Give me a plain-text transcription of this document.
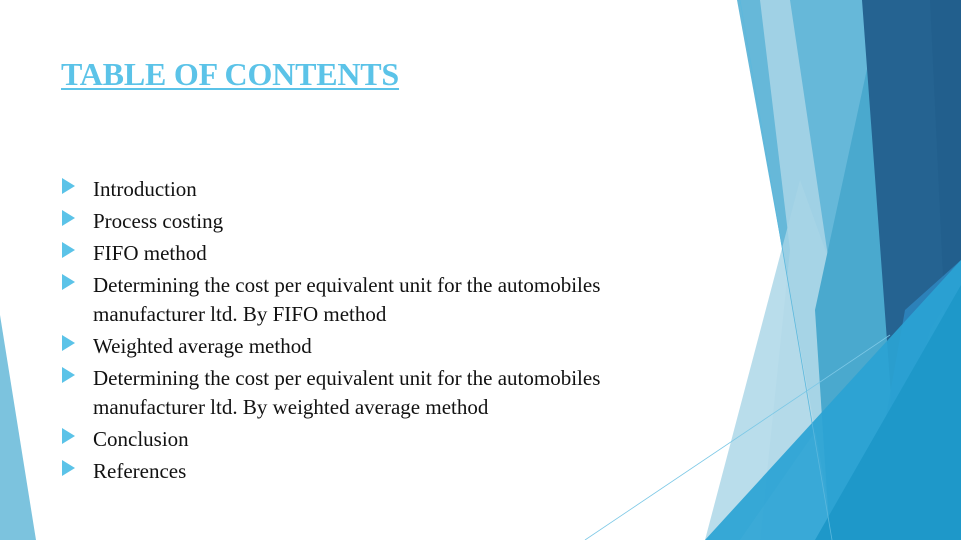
TABLE OF CONTENTS
Introduction
Process costing
FIFO method
Determining the cost per equivalent unit for the automobiles manufacturer ltd. By FIFO method
Weighted average method
Determining the cost per equivalent unit for the automobiles manufacturer ltd. By weighted average method
Conclusion
References
